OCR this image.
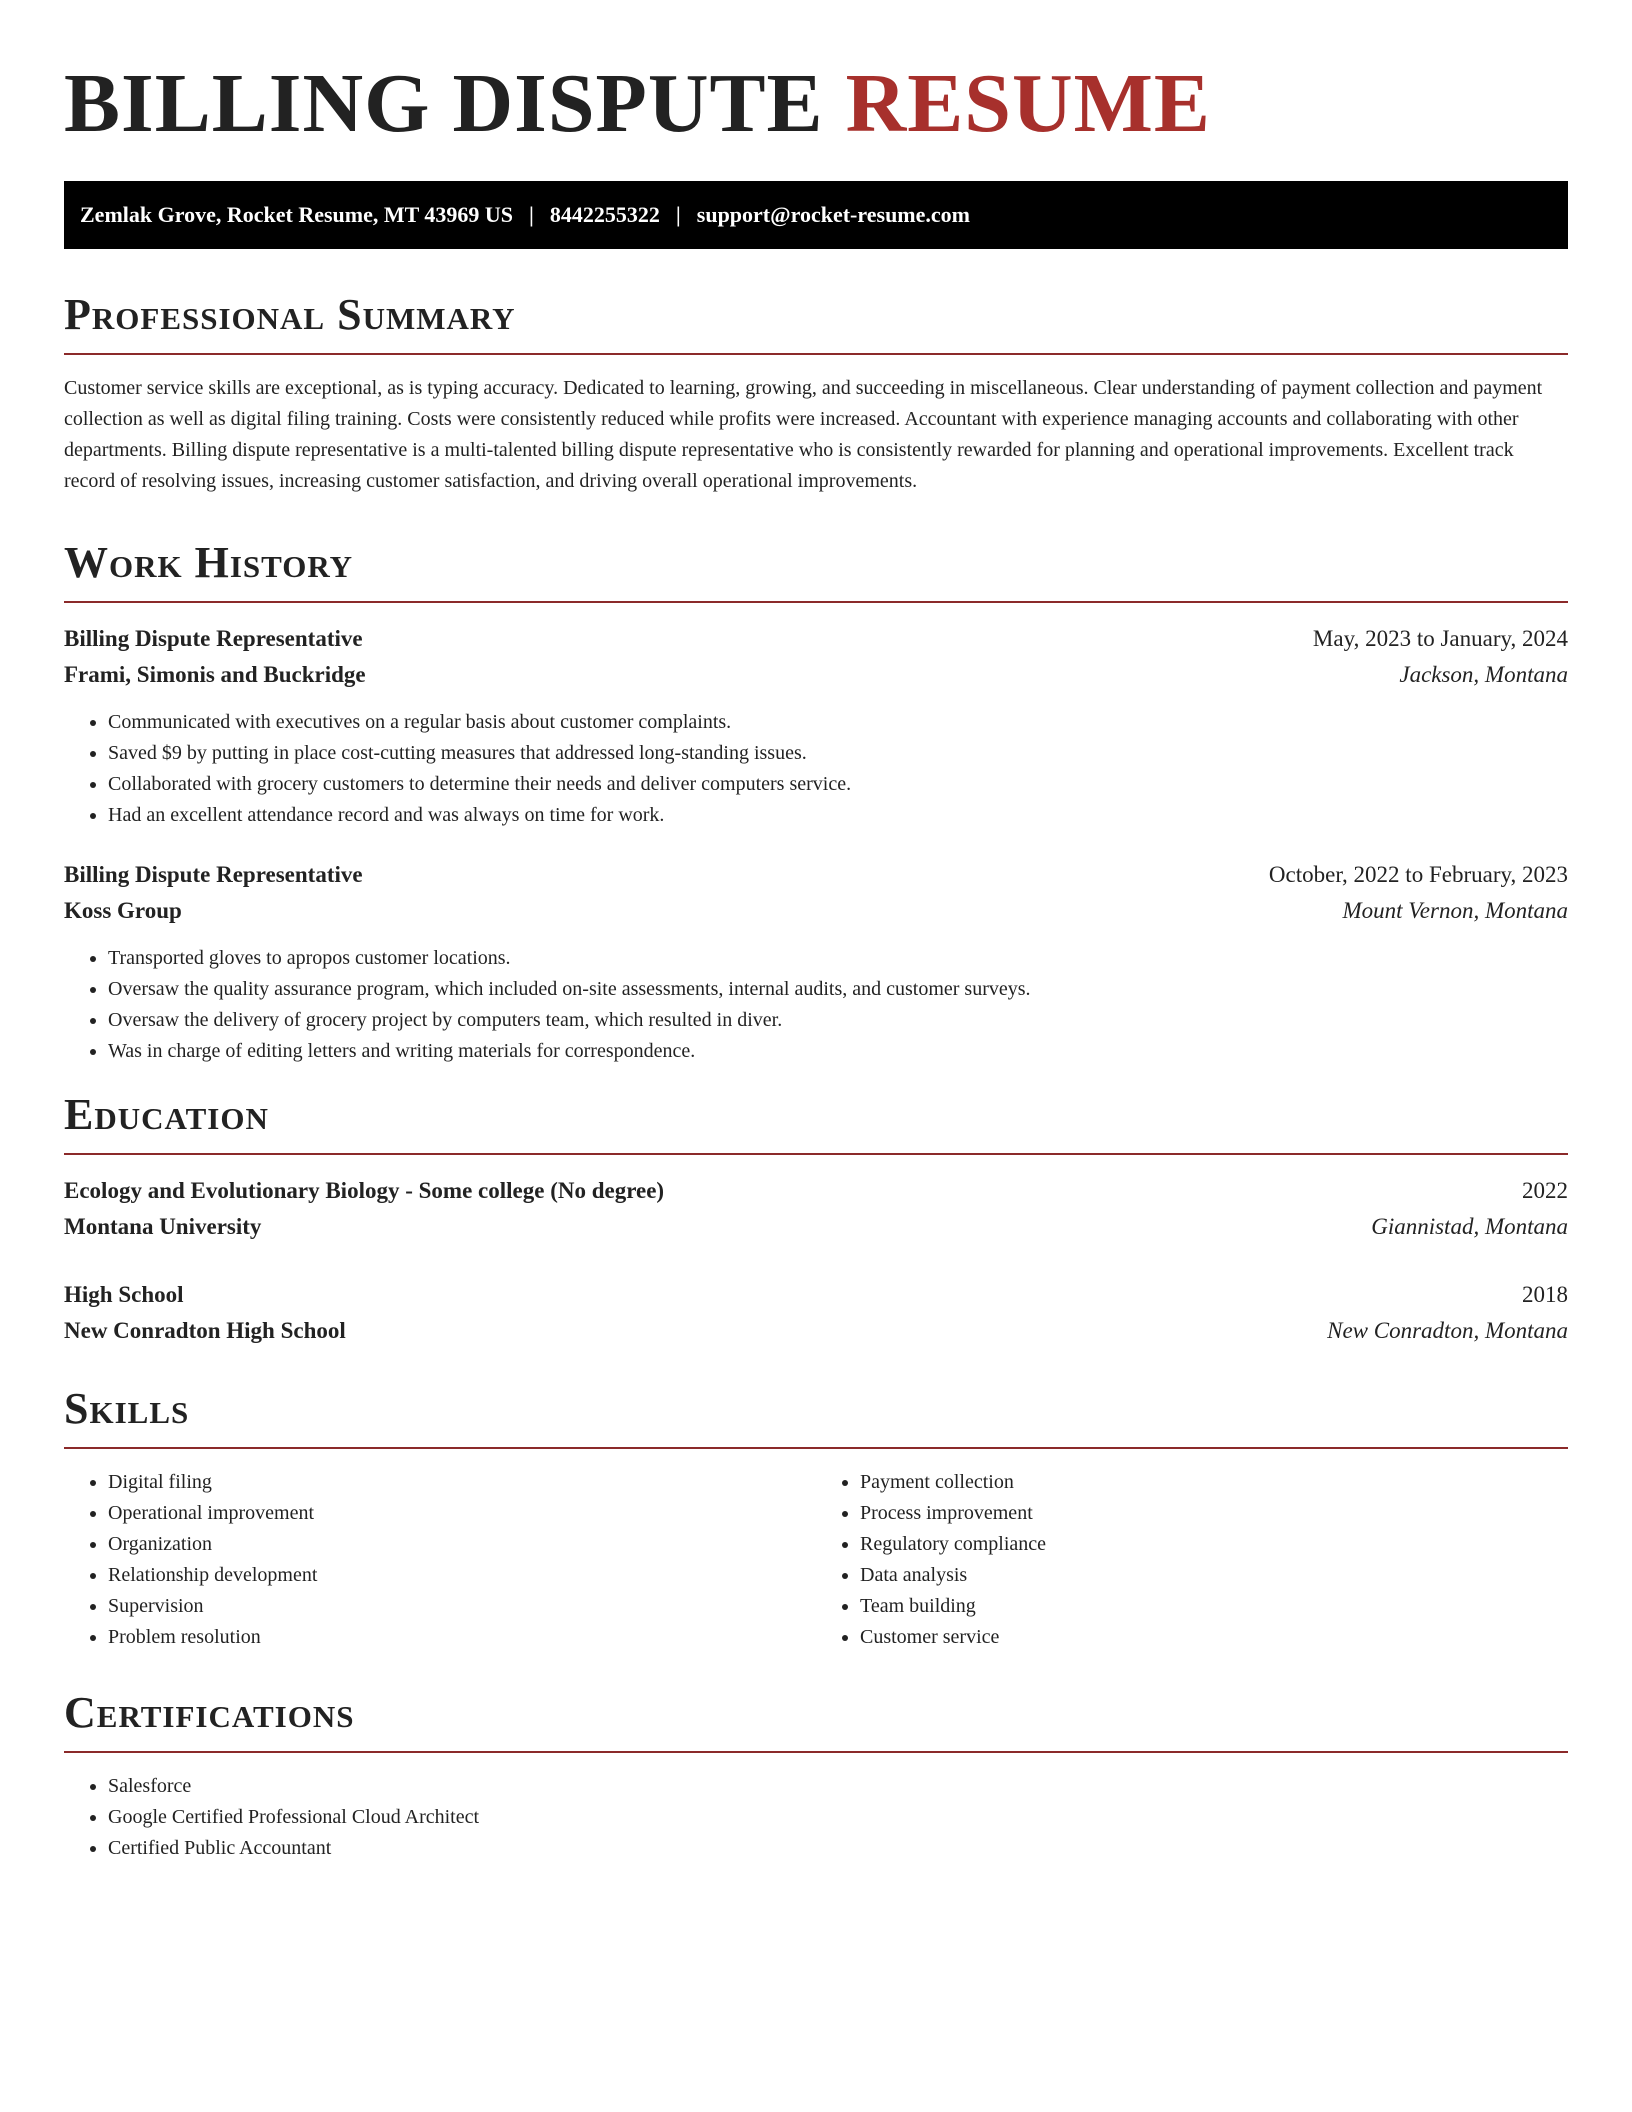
BILLING DISPUTE RESUME
Zemlak Grove, Rocket Resume, MT 43969 US | 8442255322 | support@rocket-resume.com
Professional Summary

Customer service skills are exceptional, as is typing accuracy. Dedicated to learning, growing, and succeeding in miscellaneous. Clear understanding of payment collection and payment collection as well as digital filing training. Costs were consistently reduced while profits were increased. Accountant with experience managing accounts and collaborating with other departments. Billing dispute representative is a multi-talented billing dispute representative who is consistently rewarded for planning and operational improvements. Excellent track record of resolving issues, increasing customer satisfaction, and driving overall operational improvements.

Work History
Billing Dispute Representative	May, 2023 to January, 2024
Frami, Simonis and Buckridge	Jackson, Montana
• Communicated with executives on a regular basis about customer complaints.
• Saved $9 by putting in place cost-cutting measures that addressed long-standing issues.
• Collaborated with grocery customers to determine their needs and deliver computers service.
• Had an excellent attendance record and was always on time for work.
Billing Dispute Representative	October, 2022 to February, 2023
Koss Group	Mount Vernon, Montana
• Transported gloves to apropos customer locations.
• Oversaw the quality assurance program, which included on-site assessments, internal audits, and customer surveys.
• Oversaw the delivery of grocery project by computers team, which resulted in diver.
• Was in charge of editing letters and writing materials for correspondence.
Education
Ecology and Evolutionary Biology - Some college (No degree)	2022
Montana University	Giannistad, Montana
High School	2018
New Conradton High School	New Conradton, Montana
Skills
• Digital filing
• Operational improvement
• Organization
• Relationship development
• Supervision
• Problem resolution
• Payment collection
• Process improvement
• Regulatory compliance
• Data analysis
• Team building
• Customer service
Certifications
• Salesforce
• Google Certified Professional Cloud Architect
• Certified Public Accountant
